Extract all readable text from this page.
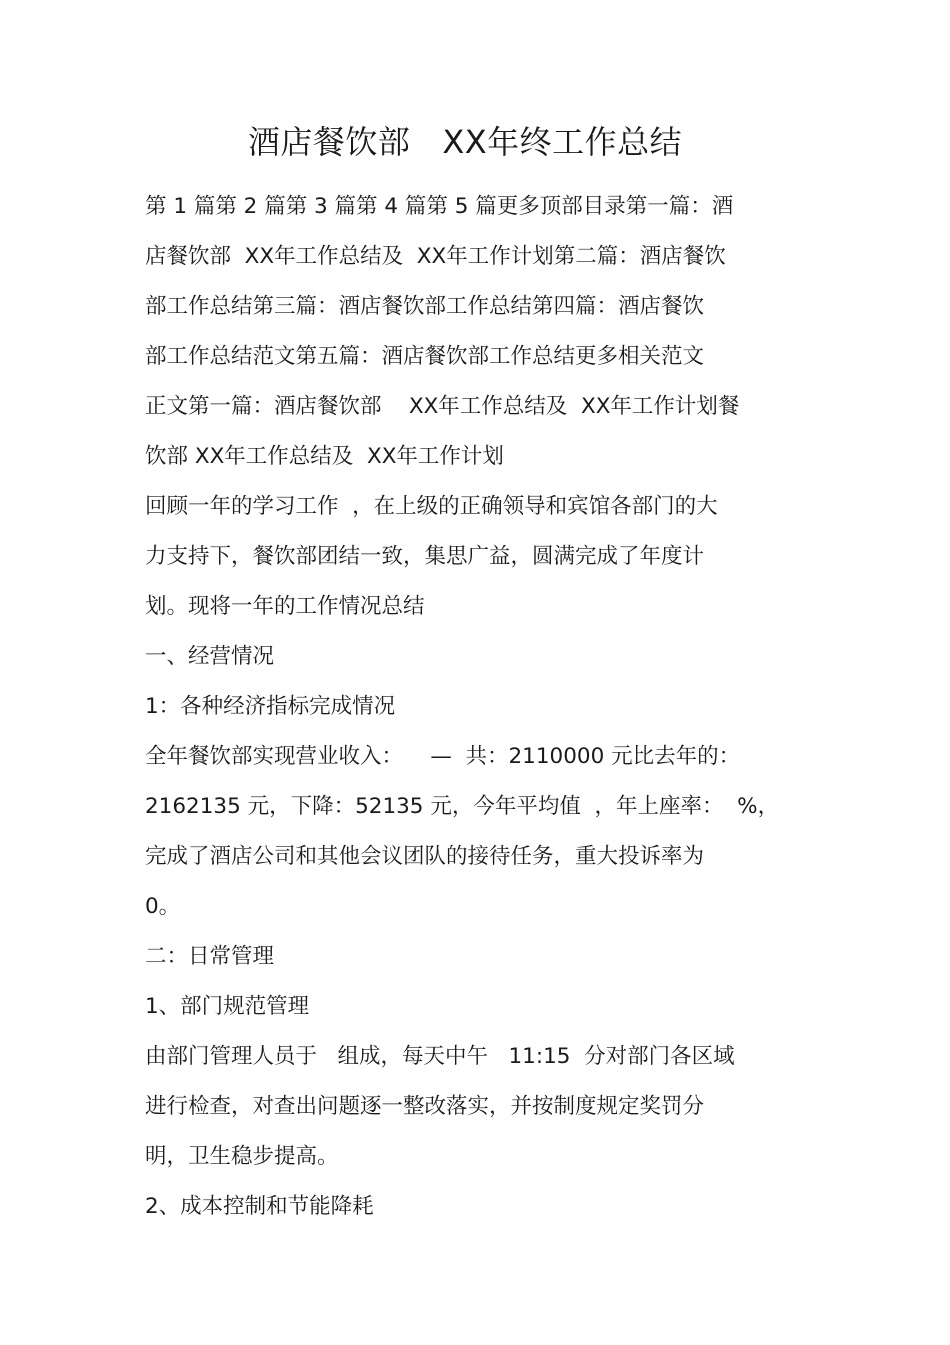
酒店餐饮部   XX年终工作总结
第 1 篇第 2 篇第 3 篇第 4 篇第 5 篇更多顶部目录第一篇：酒
店餐饮部  XX年工作总结及  XX年工作计划第二篇：酒店餐饮
部工作总结第三篇：酒店餐饮部工作总结第四篇：酒店餐饮
部工作总结范文第五篇：酒店餐饮部工作总结更多相关范文
正文第一篇：酒店餐饮部    XX年工作总结及  XX年工作计划餐
饮部 XX年工作总结及  XX年工作计划
回顾一年的学习工作  ，在上级的正确领导和宾馆各部门的大
力支持下，餐饮部团结一致，集思广益，圆满完成了年度计
划。现将一年的工作情况总结
一、经营情况
1：各种经济指标完成情况
全年餐饮部实现营业收入：    —  共：2110000 元比去年的：
2162135 元，下降：52135 元，今年平均值  ，年上座率：  %，
完成了酒店公司和其他会议团队的接待任务，重大投诉率为
0。
二：日常管理
1、部门规范管理
由部门管理人员于   组成，每天中午   11:15  分对部门各区域
进行检查，对查出问题逐一整改落实，并按制度规定奖罚分
明，卫生稳步提高。
2、成本控制和节能降耗
